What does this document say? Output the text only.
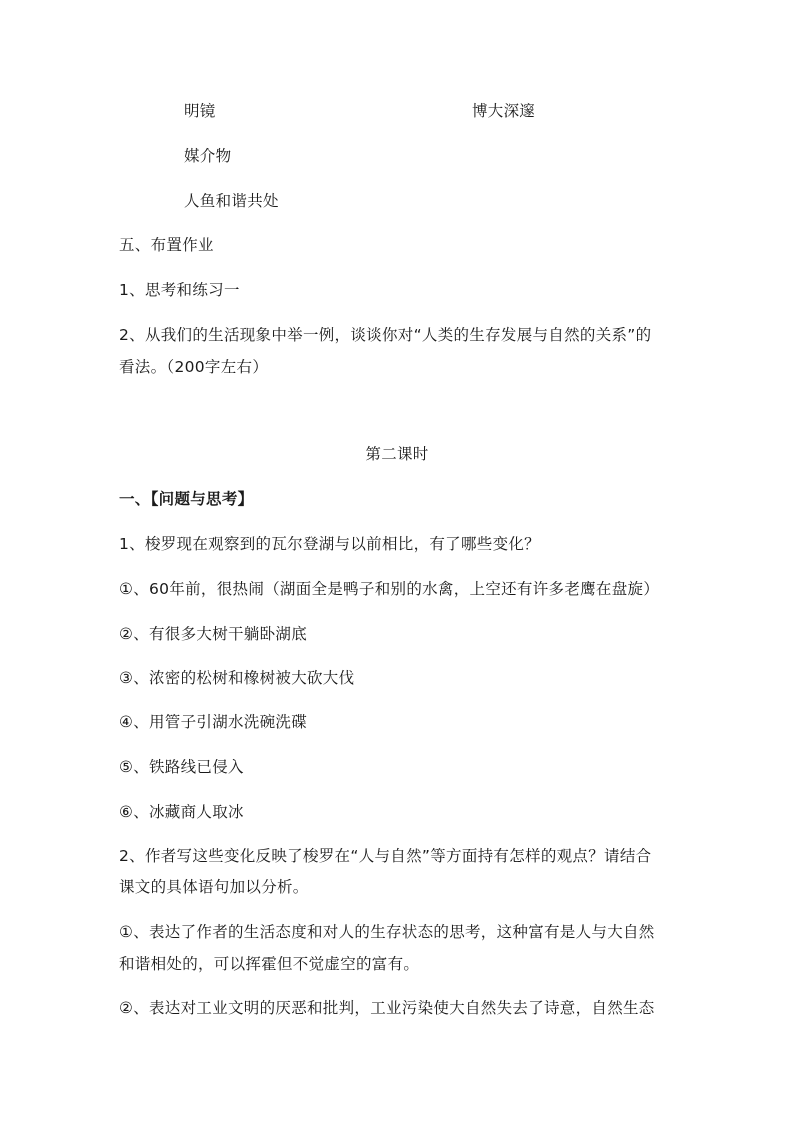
明镜	博大深邃
媒介物
人鱼和谐共处
五、布置作业
1、思考和练习一
2、从我们的生活现象中举一例，谈谈你对“人类的生存发展与自然的关系”的
看法。（200字左右）
第二课时
一、【问题与思考】
1、梭罗现在观察到的瓦尔登湖与以前相比，有了哪些变化？
①、60年前，很热闹（湖面全是鸭子和别的水禽，上空还有许多老鹰在盘旋）
②、有很多大树干躺卧湖底
③、浓密的松树和橡树被大砍大伐
④、用管子引湖水洗碗洗碟
⑤、铁路线已侵入
⑥、冰藏商人取冰
2、作者写这些变化反映了梭罗在“人与自然”等方面持有怎样的观点？请结合
课文的具体语句加以分析。
①、表达了作者的生活态度和对人的生存状态的思考，这种富有是人与大自然
和谐相处的，可以挥霍但不觉虚空的富有。
②、表达对工业文明的厌恶和批判，工业污染使大自然失去了诗意，自然生态
